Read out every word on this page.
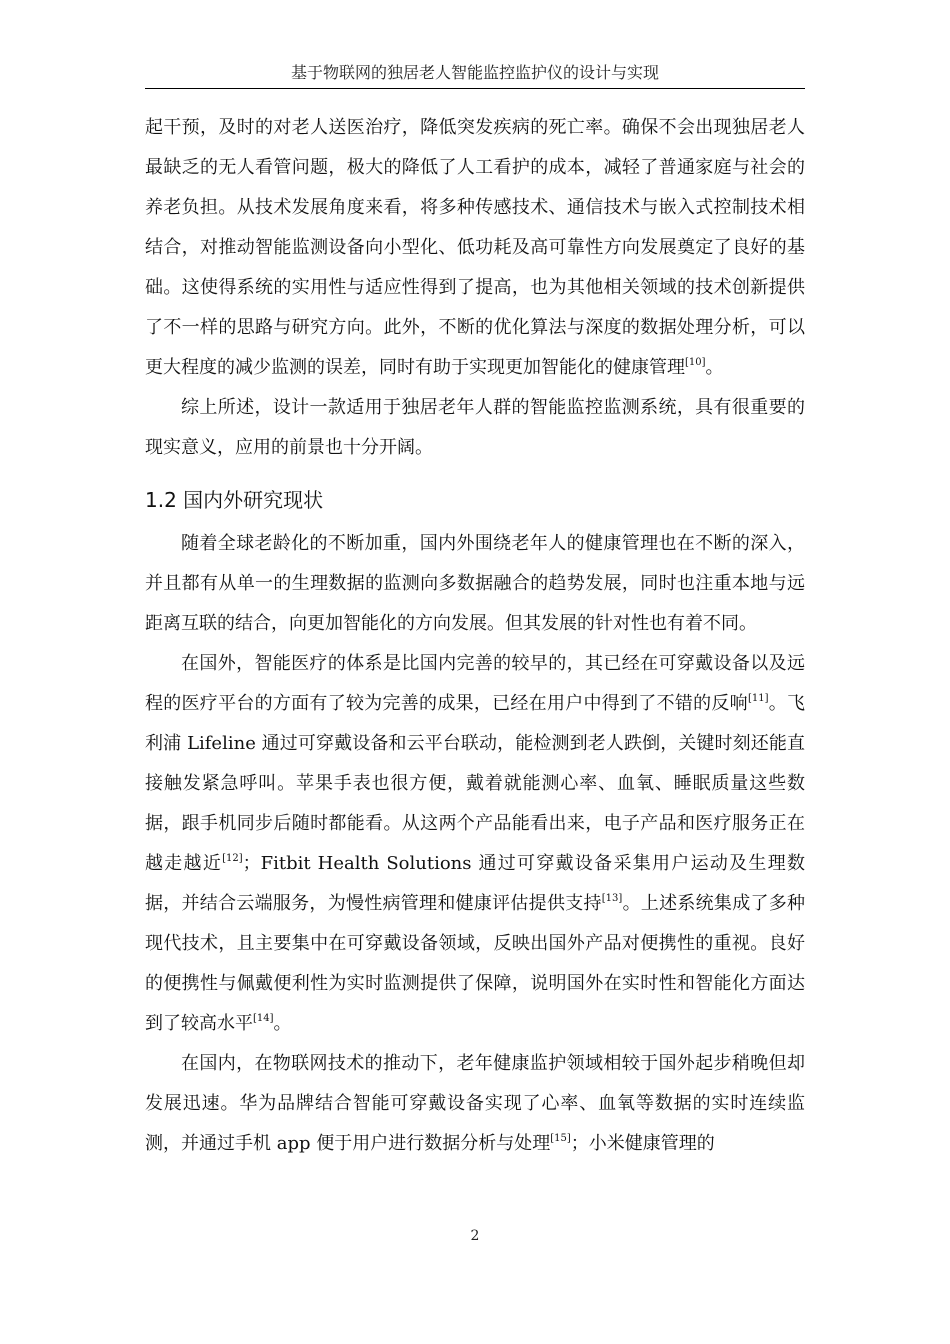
基于物联网的独居老人智能监控监护仪的设计与实现

起干预，及时的对老人送医治疗，降低突发疾病的死亡率。确保不会出现独居老人最缺乏的无人看管问题，极大的降低了人工看护的成本，减轻了普通家庭与社会的养老负担。从技术发展角度来看，将多种传感技术、通信技术与嵌入式控制技术相结合，对推动智能监测设备向小型化、低功耗及高可靠性方向发展奠定了良好的基础。这使得系统的实用性与适应性得到了提高，也为其他相关领域的技术创新提供了不一样的思路与研究方向。此外，不断的优化算法与深度的数据处理分析，可以更大程度的减少监测的误差，同时有助于实现更加智能化的健康管理[10]。

综上所述，设计一款适用于独居老年人群的智能监控监测系统，具有很重要的现实意义，应用的前景也十分开阔。

1.2 国内外研究现状

随着全球老龄化的不断加重，国内外围绕老年人的健康管理也在不断的深入，并且都有从单一的生理数据的监测向多数据融合的趋势发展，同时也注重本地与远距离互联的结合，向更加智能化的方向发展。但其发展的针对性也有着不同。

在国外，智能医疗的体系是比国内完善的较早的，其已经在可穿戴设备以及远程的医疗平台的方面有了较为完善的成果，已经在用户中得到了不错的反响[11]。飞利浦 Lifeline 通过可穿戴设备和云平台联动，能检测到老人跌倒，关键时刻还能直接触发紧急呼叫。苹果手表也很方便，戴着就能测心率、血氧、睡眠质量这些数据，跟手机同步后随时都能看。从这两个产品能看出来，电子产品和医疗服务正在越走越近[12]；Fitbit Health Solutions 通过可穿戴设备采集用户运动及生理数据，并结合云端服务，为慢性病管理和健康评估提供支持[13]。上述系统集成了多种现代技术，且主要集中在可穿戴设备领域，反映出国外产品对便携性的重视。良好的便携性与佩戴便利性为实时监测提供了保障，说明国外在实时性和智能化方面达到了较高水平[14]。

在国内，在物联网技术的推动下，老年健康监护领域相较于国外起步稍晚但却发展迅速。华为品牌结合智能可穿戴设备实现了心率、血氧等数据的实时连续监测，并通过手机 app 便于用户进行数据分析与处理[15]；小米健康管理的

2
